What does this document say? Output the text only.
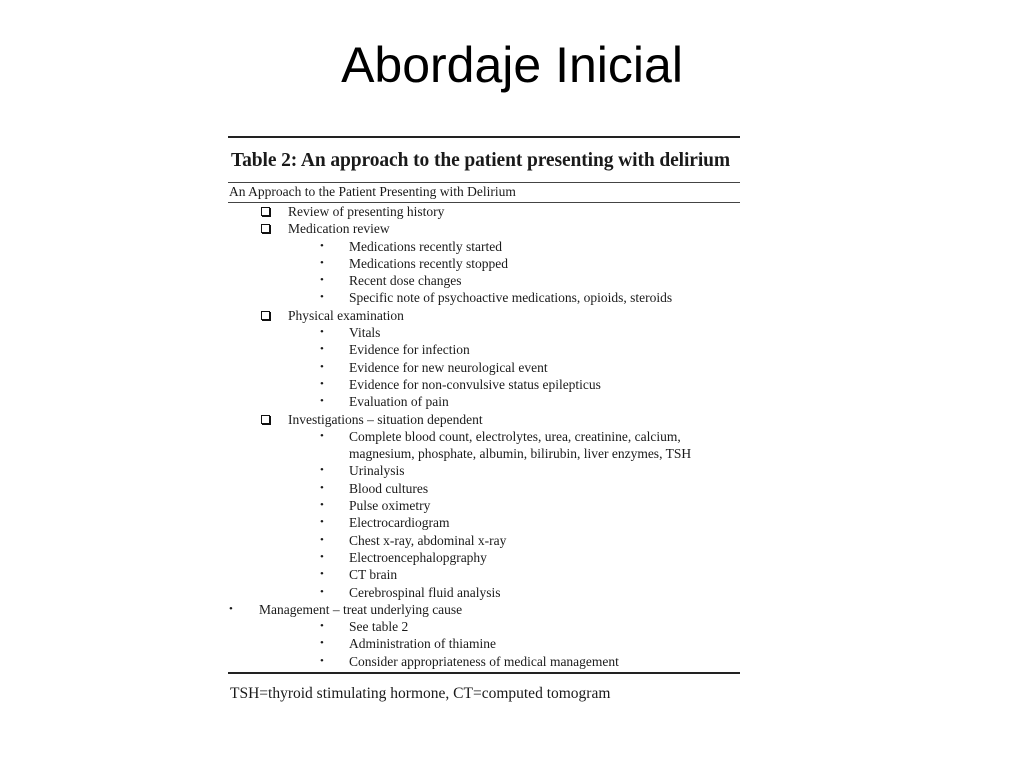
Abordaje Inicial
Table 2: An approach to the patient presenting with delirium
An Approach to the Patient Presenting with Delirium
Review of presenting history
Medication review
• Medications recently started
• Medications recently stopped
• Recent dose changes
• Specific note of psychoactive medications, opioids, steroids
Physical examination
• Vitals
• Evidence for infection
• Evidence for new neurological event
• Evidence for non-convulsive status epilepticus
• Evaluation of pain
Investigations – situation dependent
• Complete blood count, electrolytes, urea, creatinine, calcium,
magnesium, phosphate, albumin, bilirubin, liver enzymes, TSH
• Urinalysis
• Blood cultures
• Pulse oximetry
• Electrocardiogram
• Chest x-ray, abdominal x-ray
• Electroencephalopgraphy
• CT brain
• Cerebrospinal fluid analysis
• Management – treat underlying cause
• See table 2
• Administration of thiamine
• Consider appropriateness of medical management
TSH=thyroid stimulating hormone, CT=computed tomogram
